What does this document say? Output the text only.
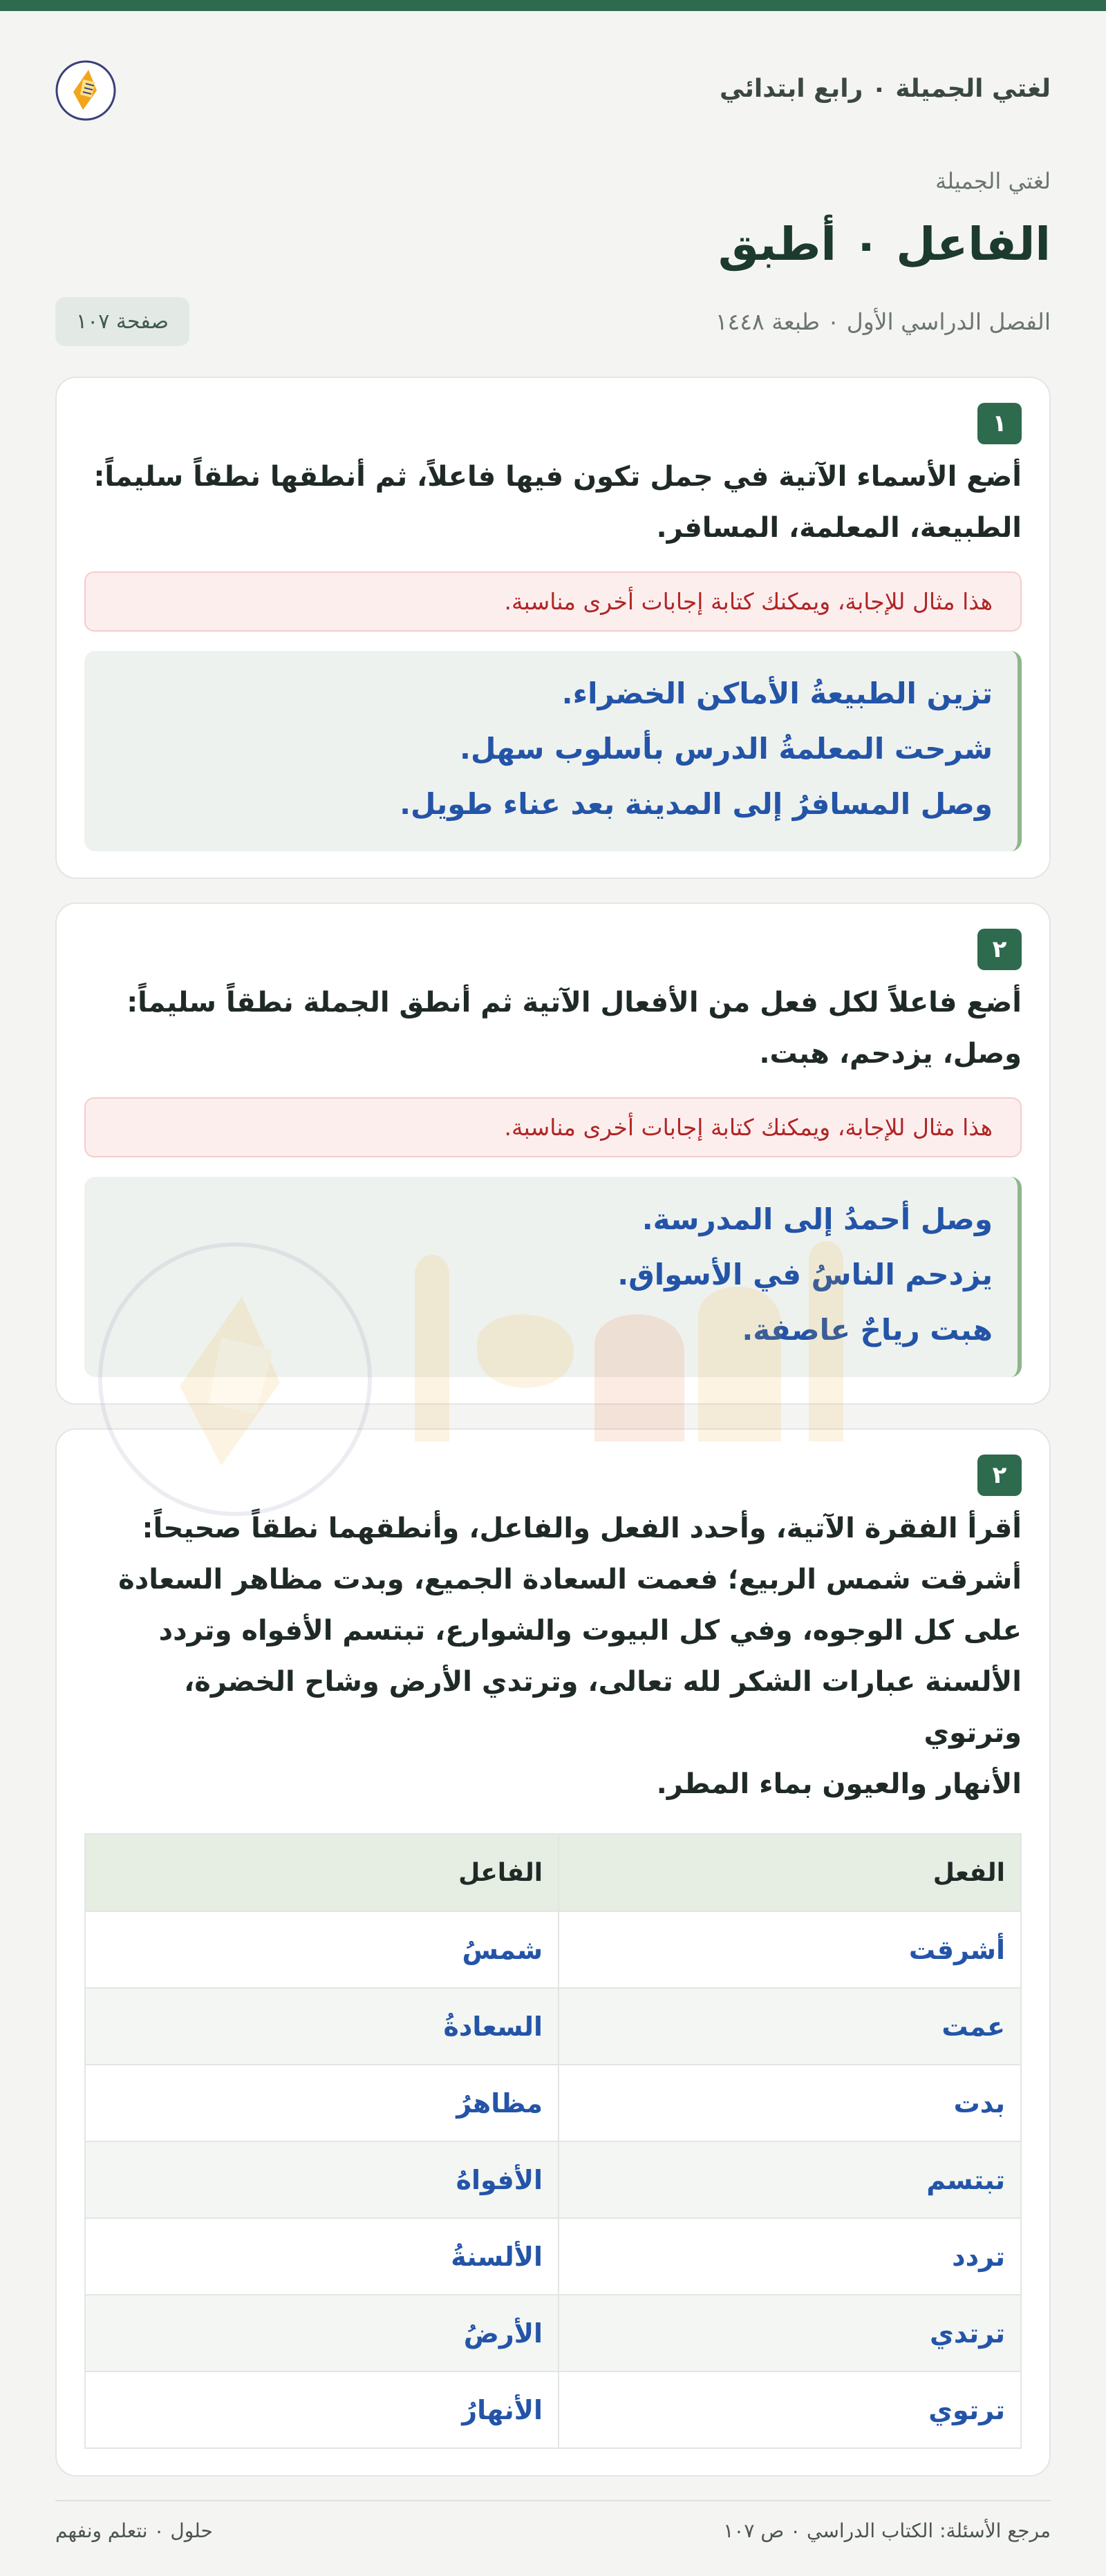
لغتي الجميلة ٠ رابع ابتدائي
لغتي الجميلة
الفاعل ٠ أطبق
الفصل الدراسي الأول ٠ طبعة ١٤٤٨
صفحة ١٠٧
١
أضع الأسماء الآتية في جمل تكون فيها فاعلاً، ثم أنطقها نطقاً سليماً:
الطبيعة، المعلمة، المسافر.
هذا مثال للإجابة، ويمكنك كتابة إجابات أخرى مناسبة.
تزين الطبيعةُ الأماكن الخضراء.
شرحت المعلمةُ الدرس بأسلوب سهل.
وصل المسافرُ إلى المدينة بعد عناء طويل.
٢
أضع فاعلاً لكل فعل من الأفعال الآتية ثم أنطق الجملة نطقاً سليماً:
وصل، يزدحم، هبت.
هذا مثال للإجابة، ويمكنك كتابة إجابات أخرى مناسبة.
وصل أحمدُ إلى المدرسة.
يزدحم الناسُ في الأسواق.
هبت رياحٌ عاصفة.
٢
أقرأ الفقرة الآتية، وأحدد الفعل والفاعل، وأنطقهما نطقاً صحيحاً:
أشرقت شمس الربيع؛ فعمت السعادة الجميع، وبدت مظاهر السعادة
على كل الوجوه، وفي كل البيوت والشوارع، تبتسم الأفواه وتردد
الألسنة عبارات الشكر لله تعالى، وترتدي الأرض وشاح الخضرة، وترتوي
الأنهار والعيون بماء المطر.
الفعل	الفاعل
أشرقت	شمسُ
عمت	السعادةُ
بدت	مظاهرُ
تبتسم	الأفواهُ
تردد	الألسنةُ
ترتدي	الأرضُ
ترتوي	الأنهارُ
مرجع الأسئلة: الكتاب الدراسي ٠ ص ١٠٧
حلول ٠ نتعلم ونفهم
